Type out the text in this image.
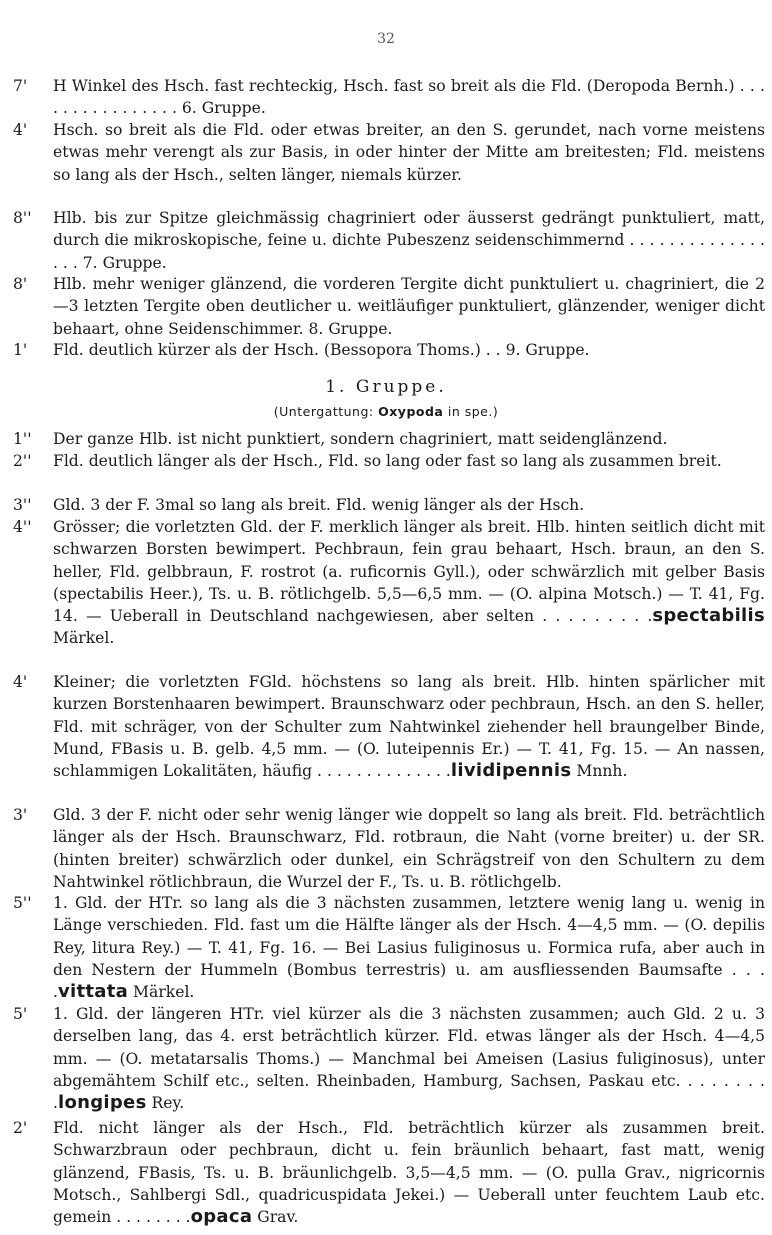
32
7'	H Winkel des Hsch. fast rechteckig, Hsch. fast so breit als die Fld. (Deropoda Bernh.) . . . . . . . . . . . . . . . . 6. Gruppe.
4'	Hsch. so breit als die Fld. oder etwas breiter, an den S. gerundet, nach vorne meistens etwas mehr verengt als zur Basis, in oder hinter der Mitte am breitesten; Fld. meistens so lang als der Hsch., selten länger, niemals kürzer.
8''	Hlb. bis zur Spitze gleichmässig chagriniert oder äusserst gedrängt punktuliert, matt, durch die mikroskopische, feine u. dichte Pubeszenz seidenschimmernd . . . . . . . . . . . . . . . . . 7. Gruppe.
8'	Hlb. mehr weniger glänzend, die vorderen Tergite dicht punktuliert u. chagriniert, die 2—3 letzten Tergite oben deutlicher u. weitläufiger punktuliert, glänzender, weniger dicht behaart, ohne Seidenschimmer. 8. Gruppe.
1'	Fld. deutlich kürzer als der Hsch. (Bessopora Thoms.) . . 9. Gruppe.
1. Gruppe.
(Untergattung: Oxypoda in spe.)
1''	Der ganze Hlb. ist nicht punktiert, sondern chagriniert, matt seidenglänzend.
2''	Fld. deutlich länger als der Hsch., Fld. so lang oder fast so lang als zusammen breit.
3''	Gld. 3 der F. 3mal so lang als breit. Fld. wenig länger als der Hsch.
4''	Grösser; die vorletzten Gld. der F. merklich länger als breit. Hlb. hinten seitlich dicht mit schwarzen Borsten bewimpert. Pechbraun, fein grau behaart, Hsch. braun, an den S. heller, Fld. gelbbraun, F. rostrot (a. ruficornis Gyll.), oder schwärzlich mit gelber Basis (spectabilis Heer.), Ts. u. B. rötlichgelb. 5,5—6,5 mm. — (O. alpina Motsch.) — T. 41, Fg. 14. — Ueberall in Deutschland nachgewiesen, aber selten . . . . . . . . .spectabilis Märkel.
4'	Kleiner; die vorletzten FGld. höchstens so lang als breit. Hlb. hinten spärlicher mit kurzen Borstenhaaren bewimpert. Braunschwarz oder pechbraun, Hsch. an den S. heller, Fld. mit schräger, von der Schulter zum Nahtwinkel ziehender hell braungelber Binde, Mund, FBasis u. B. gelb. 4,5 mm. — (O. luteipennis Er.) — T. 41, Fg. 15. — An nassen, schlammigen Lokalitäten, häufig . . . . . . . . . . . . . .lividipennis Mnnh.
3'	Gld. 3 der F. nicht oder sehr wenig länger wie doppelt so lang als breit. Fld. beträchtlich länger als der Hsch. Braunschwarz, Fld. rotbraun, die Naht (vorne breiter) u. der SR. (hinten breiter) schwärzlich oder dunkel, ein Schrägstreif von den Schultern zu dem Nahtwinkel rötlichbraun, die Wurzel der F., Ts. u. B. rötlichgelb.
5''	1. Gld. der HTr. so lang als die 3 nächsten zusammen, letztere wenig lang u. wenig in Länge verschieden. Fld. fast um die Hälfte länger als der Hsch. 4—4,5 mm. — (O. depilis Rey, litura Rey.) — T. 41, Fg. 16. — Bei Lasius fuliginosus u. Formica rufa, aber auch in den Nestern der Hummeln (Bombus terrestris) u. am ausfliessenden Baumsafte . . . .vittata Märkel.
5'	1. Gld. der längeren HTr. viel kürzer als die 3 nächsten zusammen; auch Gld. 2 u. 3 derselben lang, das 4. erst beträchtlich kürzer. Fld. etwas länger als der Hsch. 4—4,5 mm. — (O. metatarsalis Thoms.) — Manchmal bei Ameisen (Lasius fuliginosus), unter abgemähtem Schilf etc., selten. Rheinbaden, Hamburg, Sachsen, Paskau etc. . . . . . . . .longipes Rey.
2'	Fld. nicht länger als der Hsch., Fld. beträchtlich kürzer als zusammen breit. Schwarzbraun oder pechbraun, dicht u. fein bräunlich behaart, fast matt, wenig glänzend, FBasis, Ts. u. B. bräunlichgelb. 3,5—4,5 mm. — (O. pulla Grav., nigricornis Motsch., Sahlbergi Sdl., quadricuspidata Jekei.) — Ueberall unter feuchtem Laub etc. gemein . . . . . . . .opaca Grav.
